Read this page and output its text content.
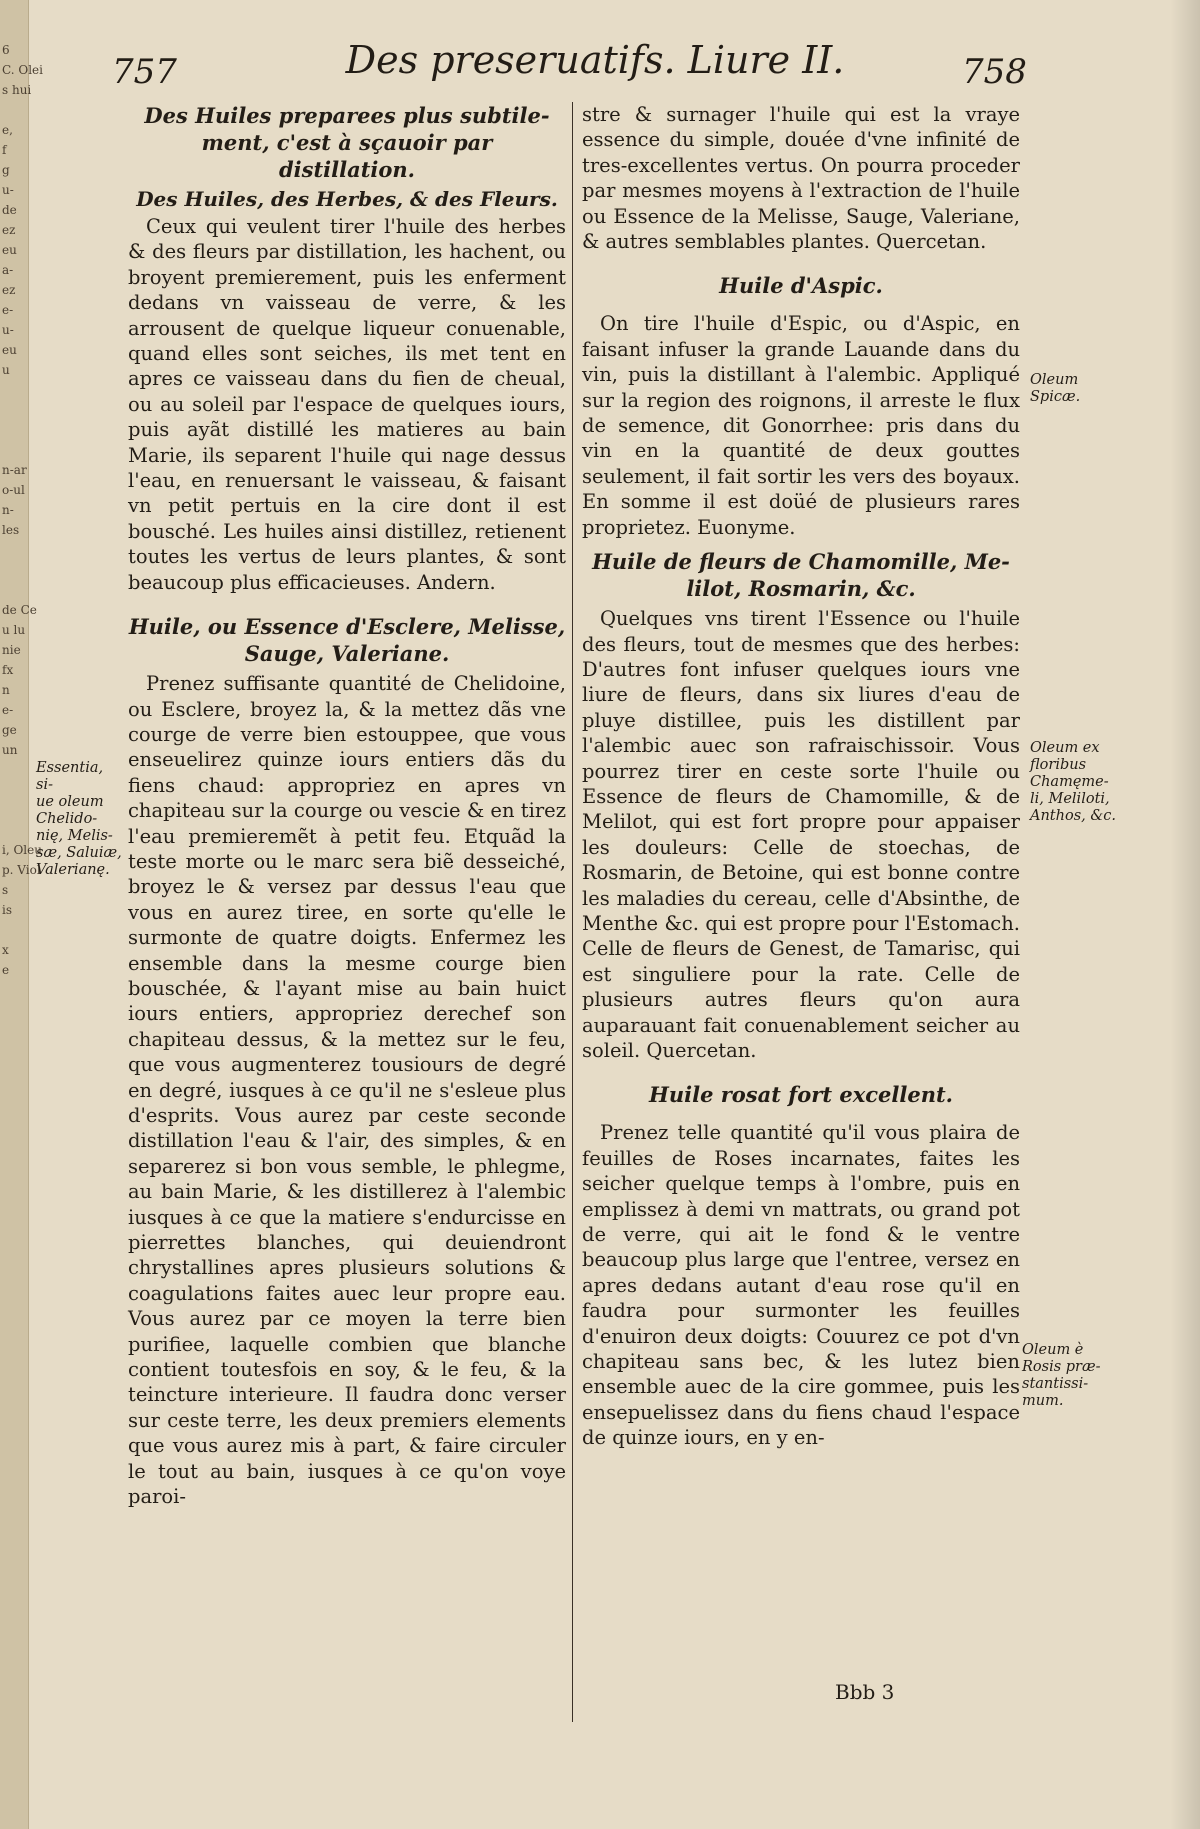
6
C. Olei
s hui

e,
f
g
u-
de
ez
eu
a-
ez
e-
u-
eu
u

n-ar
o-ul
n-
les

de Ce
u lu
nie
fx
n
e-
ge
un

i, Oleu
p. Viol
s
is

x
e

757	Des preseruatifs. Liure II.	758
Des Huiles preparees plus subtile-
ment, c'est à sçauoir par
distillation.
Des Huiles, des Herbes, & des Fleurs.

Ceux qui veulent tirer l'huile des herbes & des fleurs par distillation, les hachent, ou broyent premierement, puis les enferment dedans vn vaisseau de verre, & les arrousent de quelque liqueur conuenable, quand elles sont seiches, ils met tent en apres ce vaisseau dans du fien de cheual, ou au soleil par l'espace de quelques iours, puis ayãt distillé les matieres au bain Marie, ils separent l'huile qui nage dessus l'eau, en renuersant le vaisseau, & faisant vn petit pertuis en la cire dont il est bousché. Les huiles ainsi distillez, retienent toutes les vertus de leurs plantes, & sont beaucoup plus efficacieuses. Andern.

Huile, ou Essence d'Esclere, Melisse,
Sauge, Valeriane.

Prenez suffisante quantité de Chelidoine, ou Esclere, broyez la, & la mettez dãs vne courge de verre bien estouppee, que vous enseuelirez quinze iours entiers dãs du fiens chaud: appropriez en apres vn chapiteau sur la courge ou vescie & en tirez l'eau premieremẽt à petit feu. Etquãd la teste morte ou le marc sera biẽ desseiché, broyez le & versez par dessus l'eau que vous en aurez tiree, en sorte qu'elle le surmonte de quatre doigts. Enfermez les ensemble dans la mesme courge bien bouschée, & l'ayant mise au bain huict iours entiers, appropriez derechef son chapiteau dessus, & la mettez sur le feu, que vous augmenterez tousiours de degré en degré, iusques à ce qu'il ne s'esleue plus d'esprits. Vous aurez par ceste seconde distillation l'eau & l'air, des simples, & en separerez si bon vous semble, le phlegme, au bain Marie, & les distillerez à l'alembic iusques à ce que la matiere s'endurcisse en pierrettes blanches, qui deuiendront chrystallines apres plusieurs solutions & coagulations faites auec leur propre eau. Vous aurez par ce moyen la terre bien purifiee, laquelle combien que blanche contient toutesfois en soy, & le feu, & la teincture interieure. Il faudra donc verser sur ceste terre, les deux premiers elements que vous aurez mis à part, & faire circuler le tout au bain, iusques à ce qu'on voye paroi-

stre & surnager l'huile qui est la vraye essence du simple, douée d'vne infinité de tres-excellentes vertus. On pourra proceder par mesmes moyens à l'extraction de l'huile ou Essence de la Melisse, Sauge, Valeriane, & autres semblables plantes. Quercetan.

Huile d'Aspic.

On tire l'huile d'Espic, ou d'Aspic, en faisant infuser la grande Lauande dans du vin, puis la distillant à l'alembic. Appliqué sur la region des roignons, il arreste le flux de semence, dit Gonorrhee: pris dans du vin en la quantité de deux gouttes seulement, il fait sortir les vers des boyaux. En somme il est doüé de plusieurs rares proprietez. Euonyme.

Huile de fleurs de Chamomille, Me-
lilot, Rosmarin, &c.

Quelques vns tirent l'Essence ou l'huile des fleurs, tout de mesmes que des herbes: D'autres font infuser quelques iours vne liure de fleurs, dans six liures d'eau de pluye distillee, puis les distillent par l'alembic auec son rafraischissoir. Vous pourrez tirer en ceste sorte l'huile ou Essence de fleurs de Chamomille, & de Melilot, qui est fort propre pour appaiser les douleurs: Celle de stoechas, de Rosmarin, de Betoine, qui est bonne contre les maladies du cereau, celle d'Absinthe, de Menthe &c. qui est propre pour l'Estomach. Celle de fleurs de Genest, de Tamarisc, qui est singuliere pour la rate. Celle de plusieurs autres fleurs qu'on aura auparauant fait conuenablement seicher au soleil. Quercetan.

Huile rosat fort excellent.

Prenez telle quantité qu'il vous plaira de feuilles de Roses incarnates, faites les seicher quelque temps à l'ombre, puis en emplissez à demi vn mattrats, ou grand pot de verre, qui ait le fond & le ventre beaucoup plus large que l'entree, versez en apres dedans autant d'eau rose qu'il en faudra pour surmonter les feuilles d'enuiron deux doigts: Couurez ce pot d'vn chapiteau sans bec, & les lutez bien ensemble auec de la cire gommee, puis les ensepuelissez dans du fiens chaud l'espace de quinze iours, en y en-

Essentia, si-
ue oleum
Chelido-
nię, Melis-
sæ, Saluiæ,
Valerianę.
Oleum
Spicæ.
Oleum ex
floribus
Chamęme-
li, Meliloti,
Anthos, &c.
Oleum è
Rosis præ-
stantissi-
mum.
Bbb 3
